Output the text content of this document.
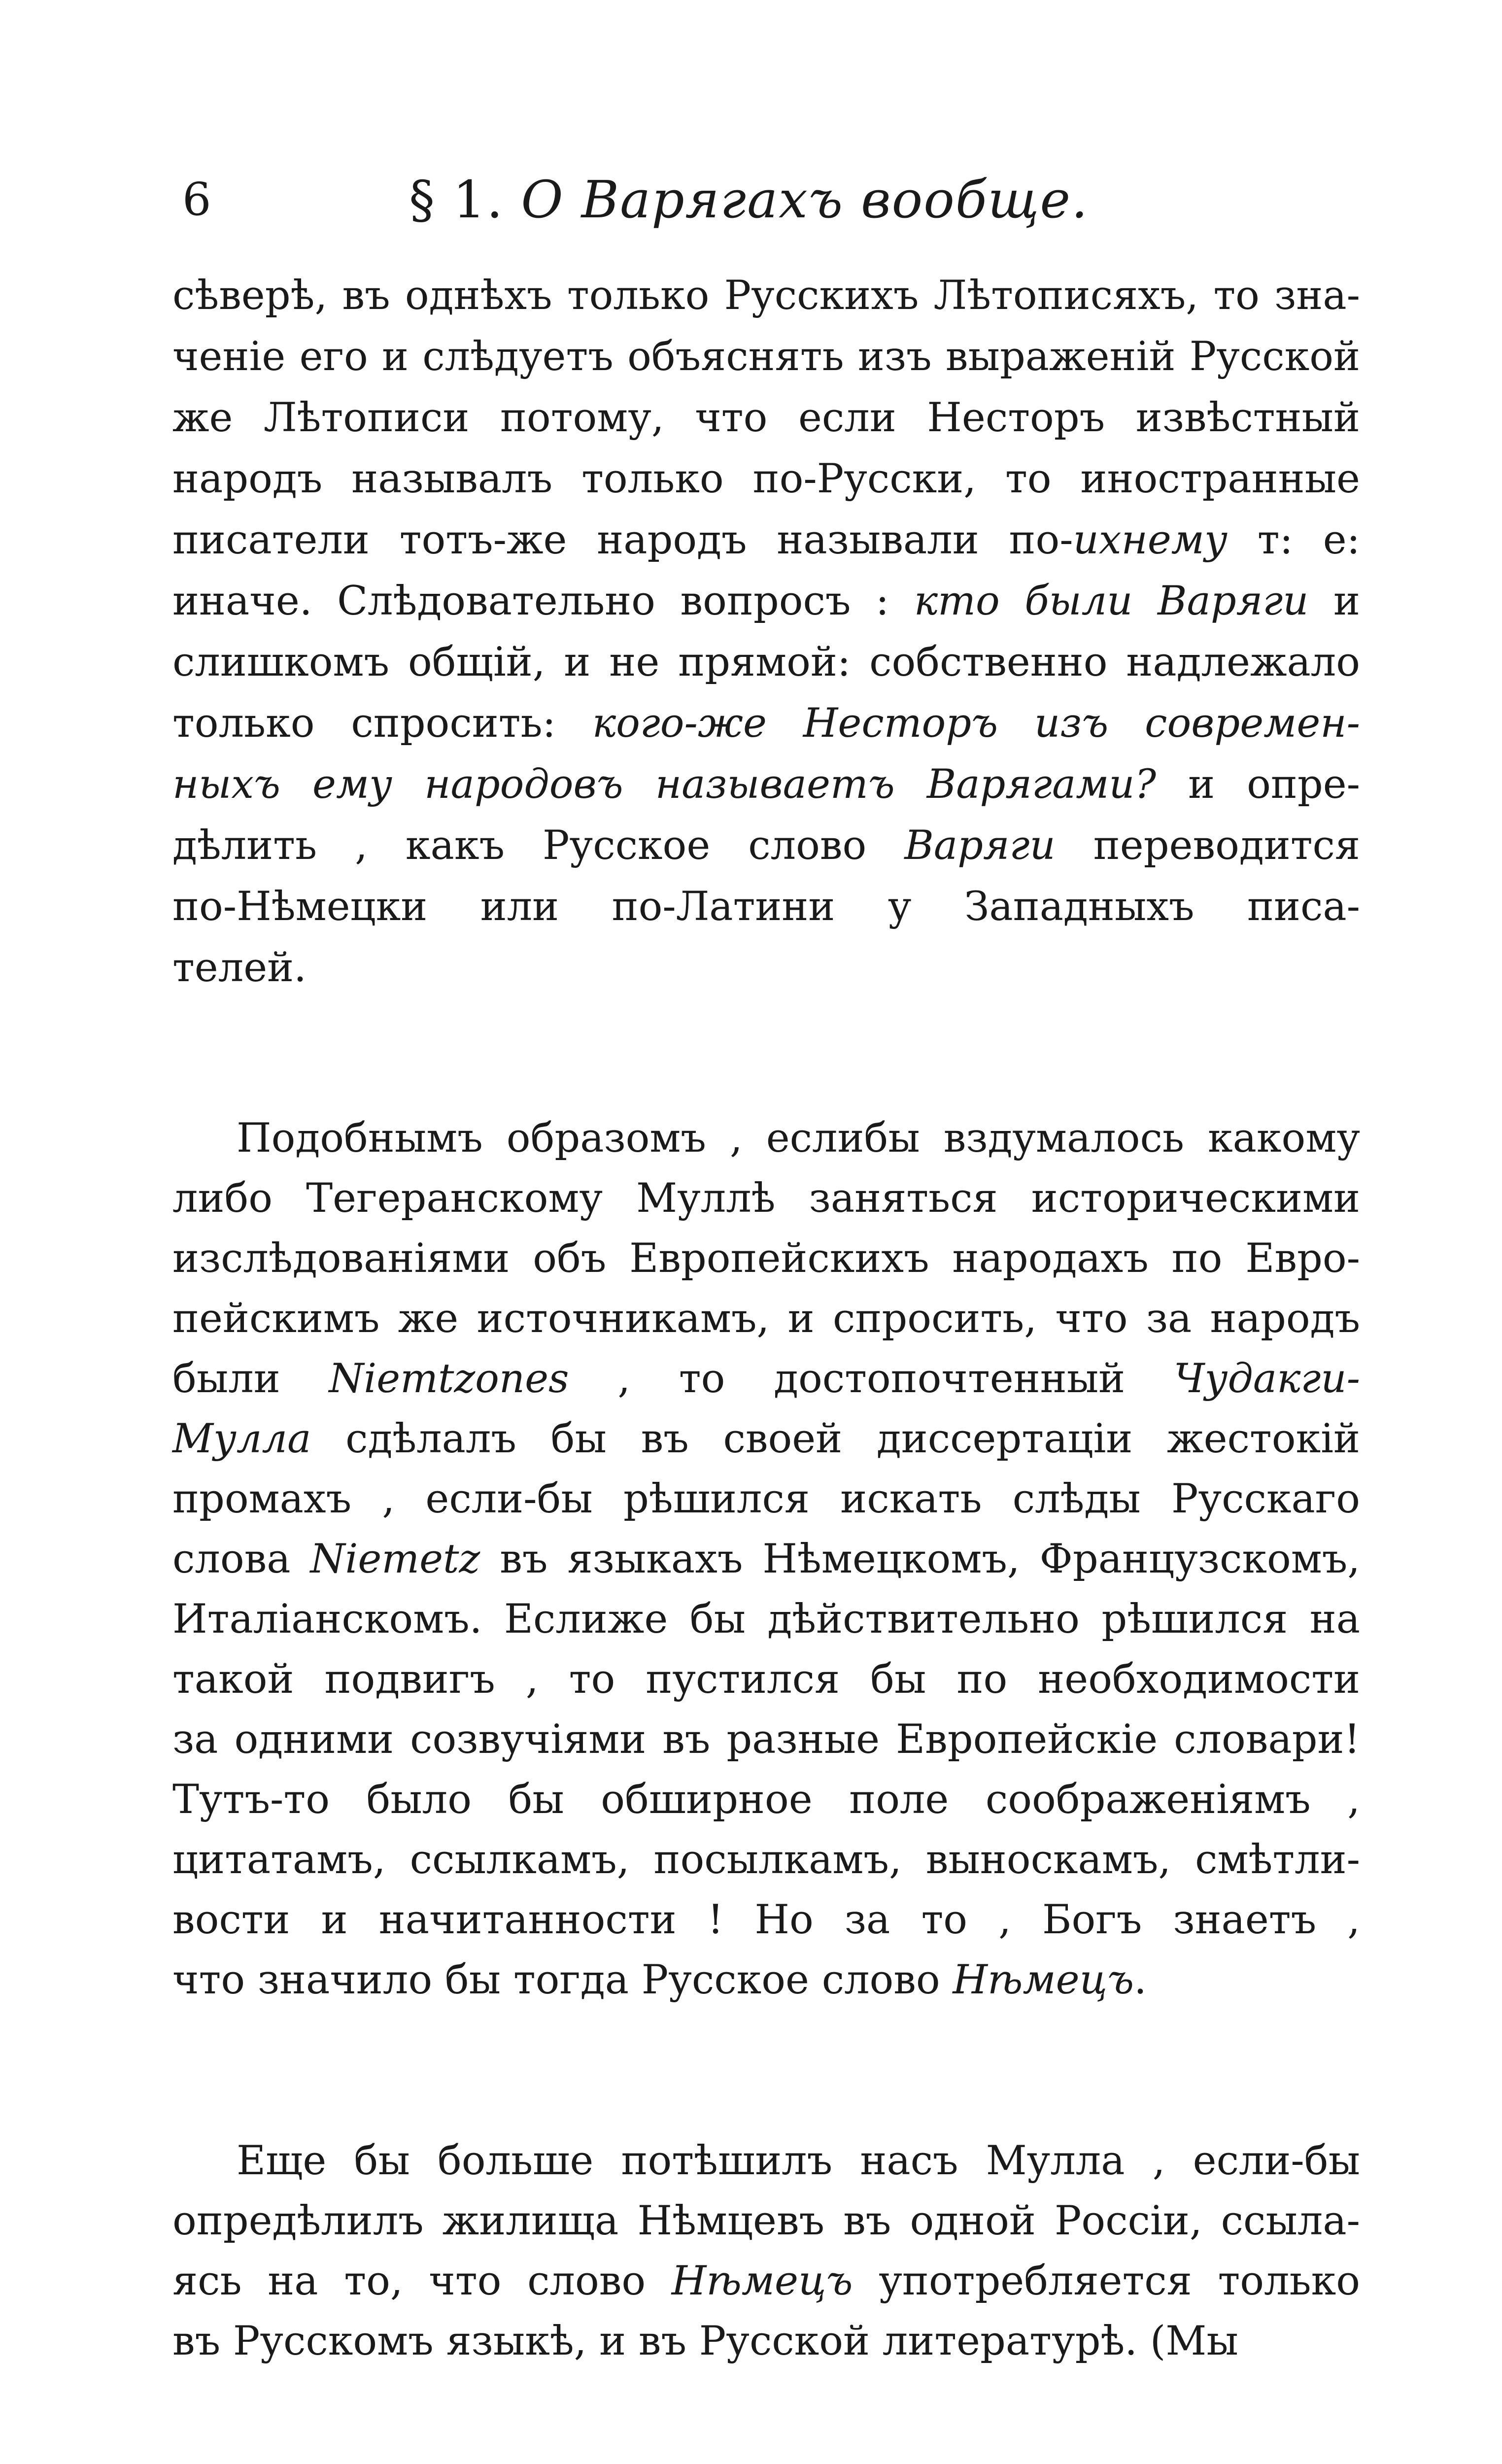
6	§ 1. О Варягахъ вообще.
сѣверѣ, въ однѣхъ только Русскихъ Лѣтописяхъ, то зна-
ченіе его и слѣдуетъ объяснять изъ выраженій Русской
же Лѣтописи потому, что если Несторъ извѣстный
народъ называлъ только по-Русски, то иностранные
писатели тотъ-же народъ называли по-ихнему т: е:
иначе. Слѣдовательно вопросъ : кто были Варяги и
слишкомъ общій, и не прямой: собственно надлежало
только спросить: кого-же Несторъ изъ современ-
ныхъ ему народовъ называетъ Варягами? и опре-
дѣлить , какъ Русское слово Варяги переводится
по-Нѣмецки или по-Латини у Западныхъ писа-
телей.
Подобнымъ образомъ , еслибы вздумалось какому
либо Тегеранскому Муллѣ заняться историческими
изслѣдованіями объ Европейскихъ народахъ по Евро-
пейскимъ же источникамъ, и спросить, что за народъ
были Niemtzones , то достопочтенный Чудакги-
Мулла сдѣлалъ бы въ своей диссертаціи жестокій
промахъ , если-бы рѣшился искать слѣды Русскаго
слова Niemetz въ языкахъ Нѣмецкомъ, Французскомъ,
Италіанскомъ. Еслиже бы дѣйствительно рѣшился на
такой подвигъ , то пустился бы по необходимости
за одними созвучіями въ разные Европейскіе словари!
Тутъ-то было бы обширное поле соображеніямъ ,
цитатамъ, ссылкамъ, посылкамъ, выноскамъ, смѣтли-
вости и начитанности ! Но за то , Богъ знаетъ ,
что значило бы тогда Русское слово Нѣмецъ.
Еще бы больше потѣшилъ насъ Мулла , если-бы
опредѣлилъ жилища Нѣмцевъ въ одной Россіи, ссыла-
ясь на то, что слово Нѣмецъ употребляется только
въ Русскомъ языкѣ, и въ Русской литературѣ. (Мы
